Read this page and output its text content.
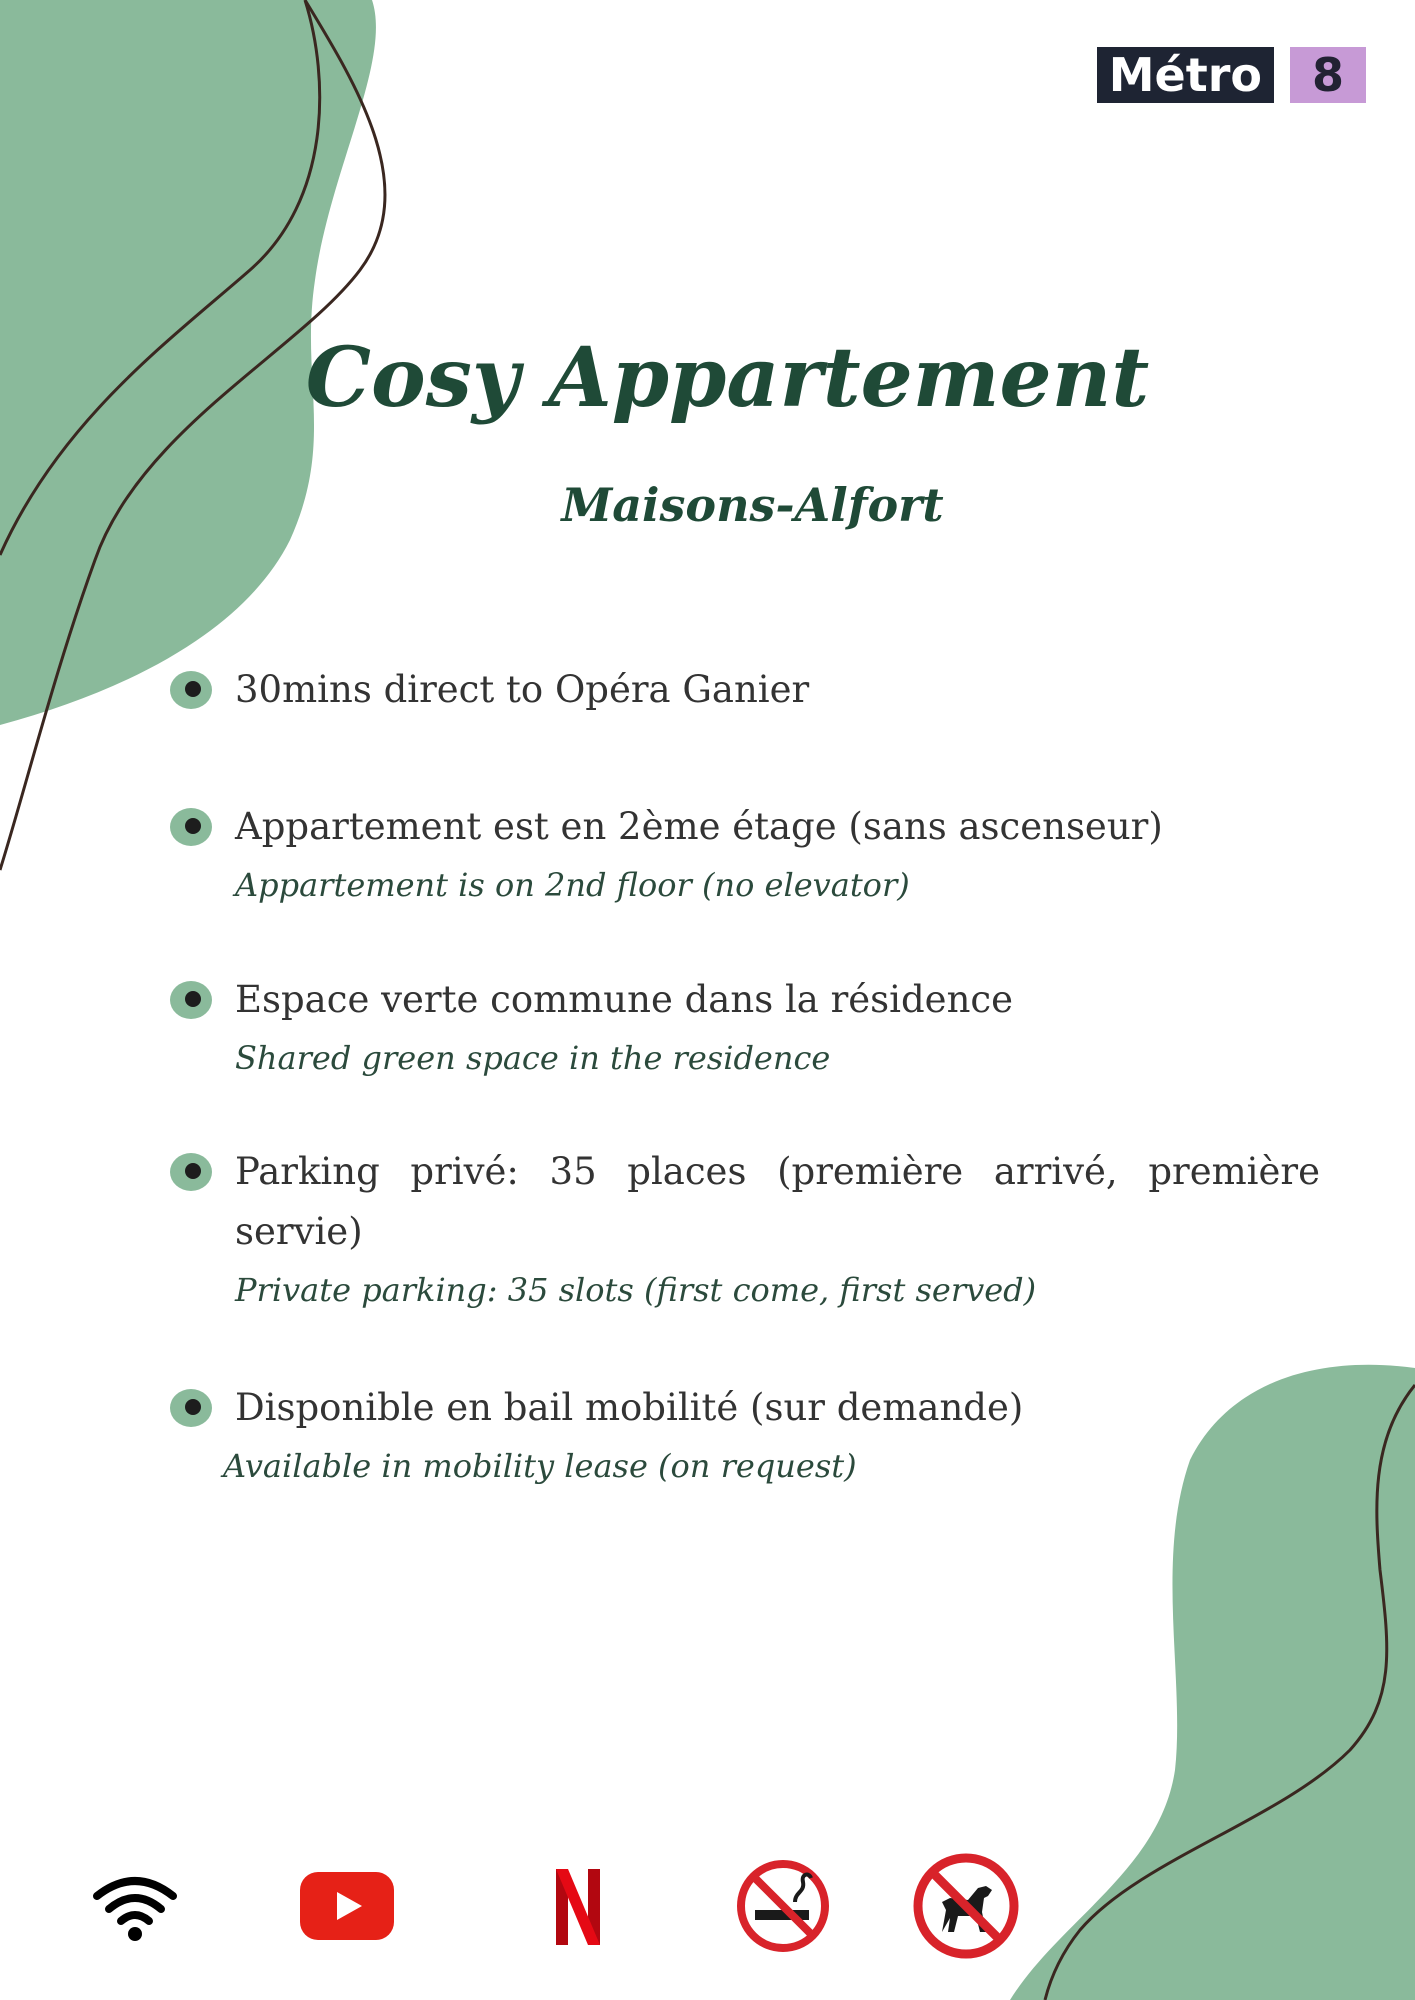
Métro	8
Cosy Appartement
Maisons-Alfort
30mins direct to Opéra Ganier
Appartement est en 2ème étage (sans ascenseur)
Appartement is on 2nd floor (no elevator)
Espace verte commune dans la résidence
Shared green space in the residence
Parking privé: 35 places (première arrivé, première servie)
Private parking: 35 slots (first come, first served)
Disponible en bail mobilité (sur demande)
Available in mobility lease (on request)
